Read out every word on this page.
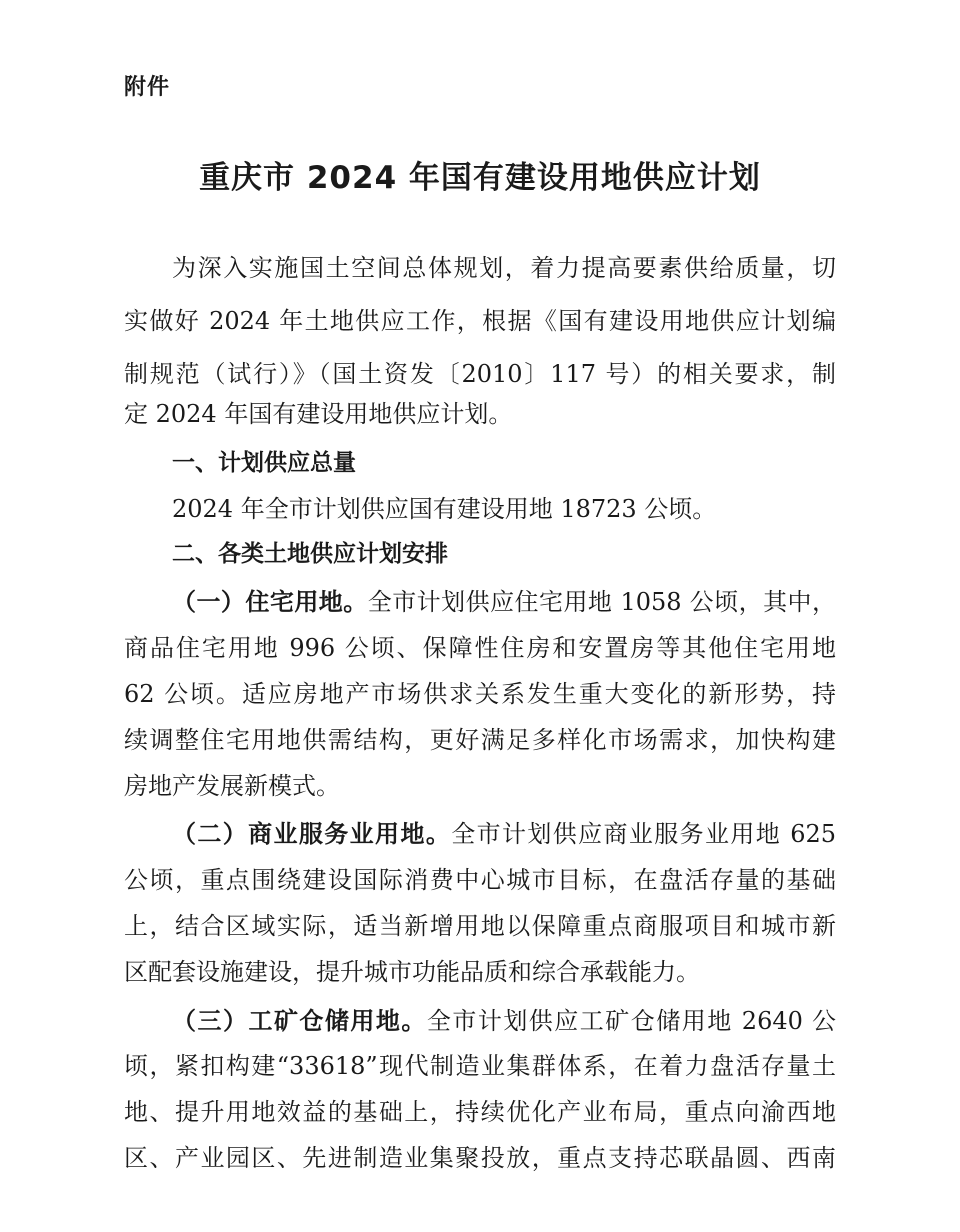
附件
重庆市 2024 年国有建设用地供应计划
为深入实施国土空间总体规划，着力提高要素供给质量，切
实做好 2024 年土地供应工作，根据《国有建设用地供应计划编
制规范（试行）》（国土资发〔2010〕117 号）的相关要求，制
定 2024 年国有建设用地供应计划。
一、计划供应总量
2024 年全市计划供应国有建设用地 18723 公顷。
二、各类土地供应计划安排
（一）住宅用地。全市计划供应住宅用地 1058 公顷，其中，
商品住宅用地 996 公顷、保障性住房和安置房等其他住宅用地
62 公顷。适应房地产市场供求关系发生重大变化的新形势，持
续调整住宅用地供需结构，更好满足多样化市场需求，加快构建
房地产发展新模式。
（二）商业服务业用地。全市计划供应商业服务业用地 625
公顷，重点围绕建设国际消费中心城市目标，在盘活存量的基础
上，结合区域实际，适当新增用地以保障重点商服项目和城市新
区配套设施建设，提升城市功能品质和综合承载能力。
（三）工矿仓储用地。全市计划供应工矿仓储用地 2640 公
顷，紧扣构建“33618”现代制造业集群体系，在着力盘活存量土
地、提升用地效益的基础上，持续优化产业布局，重点向渝西地
区、产业园区、先进制造业集聚投放，重点支持芯联晶圆、西南
